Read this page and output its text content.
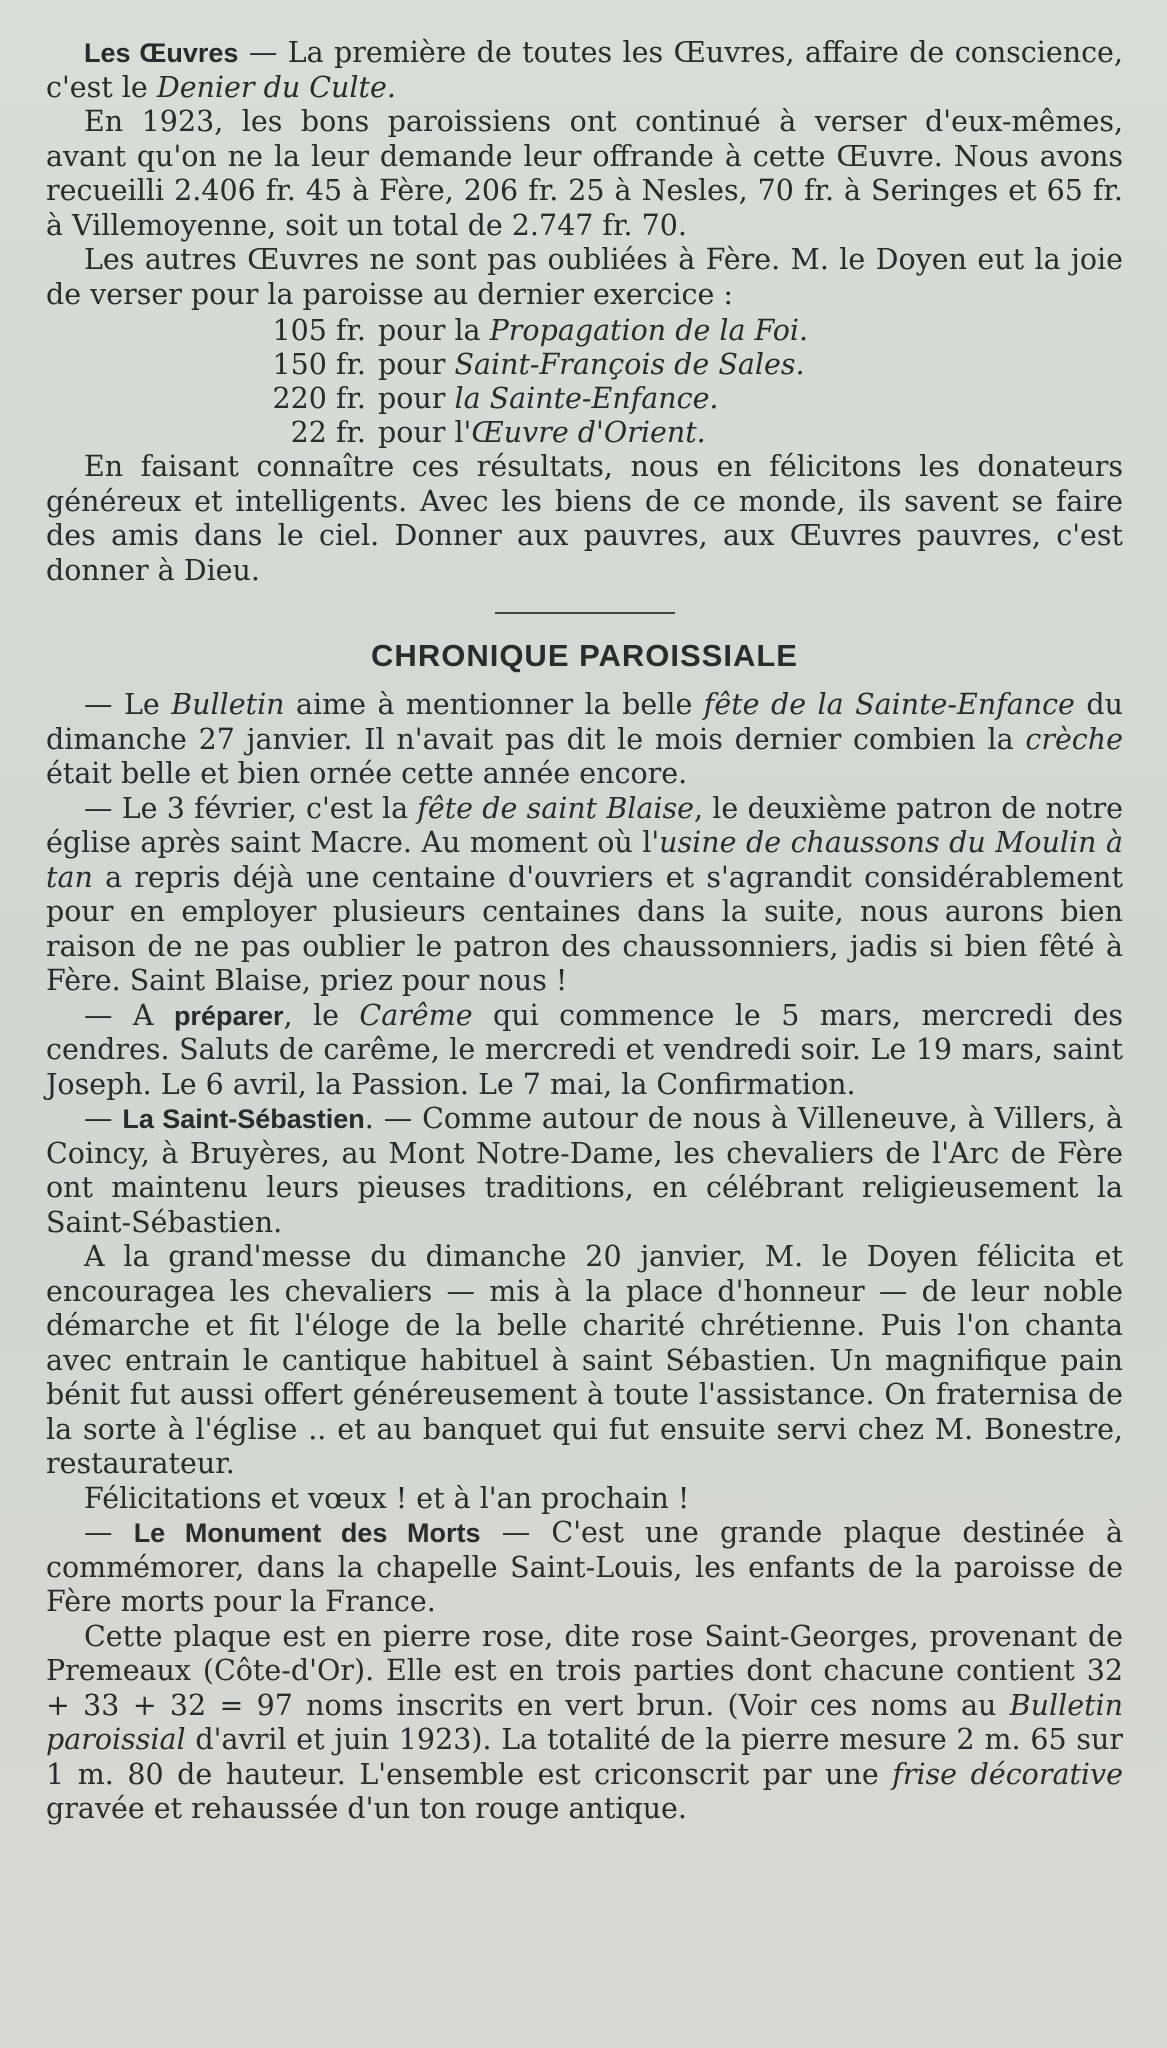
Les Œuvres — La première de toutes les Œuvres, affaire de conscience, c'est le Denier du Culte.

En 1923, les bons paroissiens ont continué à verser d'eux-mêmes, avant qu'on ne la leur demande leur offrande à cette Œuvre. Nous avons recueilli 2.406 fr. 45 à Fère, 206 fr. 25 à Nesles, 70 fr. à Seringes et 65 fr. à Villemoyenne, soit un total de 2.747 fr. 70.

Les autres Œuvres ne sont pas oubliées à Fère. M. le Doyen eut la joie de verser pour la paroisse au dernier exercice :

105 fr. pour la Propagation de la Foi.
150 fr. pour Saint-François de Sales.
220 fr. pour la Sainte-Enfance.
22 fr. pour l'Œuvre d'Orient.

En faisant connaître ces résultats, nous en félicitons les donateurs généreux et intelligents. Avec les biens de ce monde, ils savent se faire des amis dans le ciel. Donner aux pauvres, aux Œuvres pauvres, c'est donner à Dieu.

CHRONIQUE PAROISSIALE

— Le Bulletin aime à mentionner la belle fête de la Sainte-Enfance du dimanche 27 janvier. Il n'avait pas dit le mois dernier combien la crèche était belle et bien ornée cette année encore.

— Le 3 février, c'est la fête de saint Blaise, le deuxième patron de notre église après saint Macre. Au moment où l'usine de chaussons du Moulin à tan a repris déjà une centaine d'ouvriers et s'agrandit considérablement pour en employer plusieurs centaines dans la suite, nous aurons bien raison de ne pas oublier le patron des chaussonniers, jadis si bien fêté à Fère. Saint Blaise, priez pour nous !

— A préparer, le Carême qui commence le 5 mars, mercredi des cendres. Saluts de carême, le mercredi et vendredi soir. Le 19 mars, saint Joseph. Le 6 avril, la Passion. Le 7 mai, la Confirmation.

— La Saint-Sébastien. — Comme autour de nous à Villeneuve, à Villers, à Coincy, à Bruyères, au Mont Notre-Dame, les chevaliers de l'Arc de Fère ont maintenu leurs pieuses traditions, en célébrant religieusement la Saint-Sébastien.

A la grand'messe du dimanche 20 janvier, M. le Doyen félicita et encouragea les chevaliers — mis à la place d'honneur — de leur noble démarche et fit l'éloge de la belle charité chrétienne. Puis l'on chanta avec entrain le cantique habituel à saint Sébastien. Un magnifique pain bénit fut aussi offert généreusement à toute l'assistance. On fraternisa de la sorte à l'église .. et au banquet qui fut ensuite servi chez M. Bonestre, restaurateur.

Félicitations et vœux ! et à l'an prochain !

— Le Monument des Morts — C'est une grande plaque destinée à commémorer, dans la chapelle Saint-Louis, les enfants de la paroisse de Fère morts pour la France.

Cette plaque est en pierre rose, dite rose Saint-Georges, provenant de Premeaux (Côte-d'Or). Elle est en trois parties dont chacune contient 32 + 33 + 32 = 97 noms inscrits en vert brun. (Voir ces noms au Bulletin paroissial d'avril et juin 1923). La totalité de la pierre mesure 2 m. 65 sur 1 m. 80 de hauteur. L'ensemble est criconscrit par une frise décorative gravée et rehaussée d'un ton rouge antique.
